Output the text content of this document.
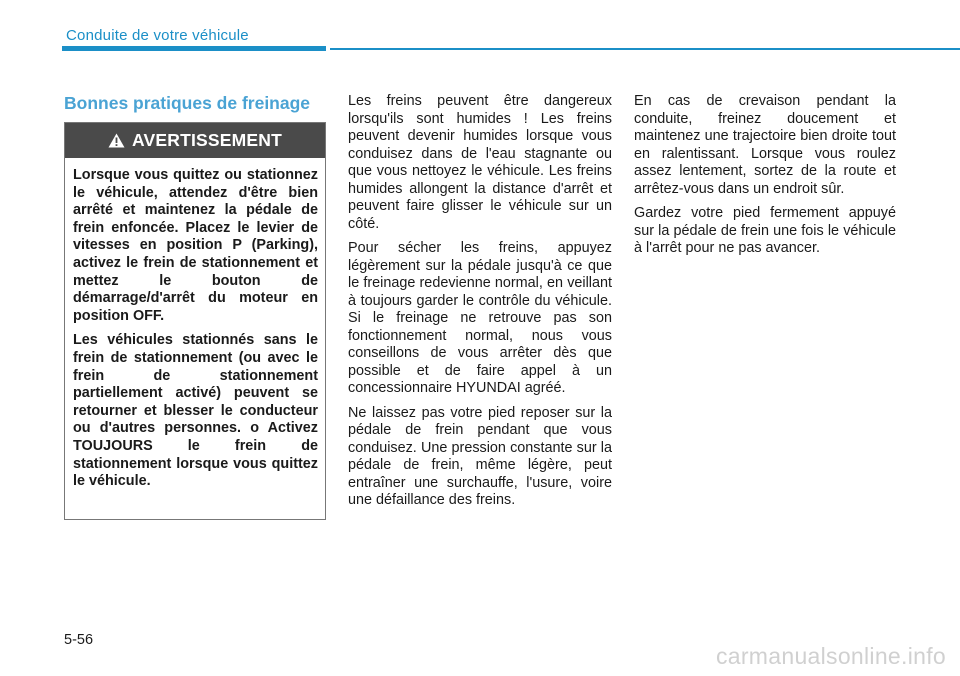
Conduite de votre véhicule
Bonnes pratiques de freinage
AVERTISSEMENT

Lorsque vous quittez ou stationnez le véhicule, attendez d'être bien arrêté et maintenez la pédale de frein enfoncée. Placez le levier de vitesses en position P (Parking), activez le frein de stationnement et mettez le bouton de démarrage/d'arrêt du moteur en position OFF.

Les véhicules stationnés sans le frein de stationnement (ou avec le frein de stationnement partiellement activé) peuvent se retourner et blesser le conducteur ou d'autres personnes. o Activez TOUJOURS le frein de stationnement lorsque vous quittez le véhicule.

Les freins peuvent être dangereux lorsqu'ils sont humides ! Les freins peuvent devenir humides lorsque vous conduisez dans de l'eau stagnante ou que vous nettoyez le véhicule. Les freins humides allongent la distance d'arrêt et peuvent faire glisser le véhicule sur un côté.

Pour sécher les freins, appuyez légèrement sur la pédale jusqu'à ce que le freinage redevienne normal, en veillant à toujours garder le contrôle du véhicule. Si le freinage ne retrouve pas son fonctionnement normal, nous vous conseillons de vous arrêter dès que possible et de faire appel à un concessionnaire HYUNDAI agréé.

Ne laissez pas votre pied reposer sur la pédale de frein pendant que vous conduisez. Une pression constante sur la pédale de frein, même légère, peut entraîner une surchauffe, l'usure, voire une défaillance des freins.

En cas de crevaison pendant la conduite, freinez doucement et maintenez une trajectoire bien droite tout en ralentissant. Lorsque vous roulez assez lentement, sortez de la route et arrêtez-vous dans un endroit sûr.

Gardez votre pied fermement appuyé sur la pédale de frein une fois le véhicule à l'arrêt pour ne pas avancer.

5-56
carmanualsonline.info
